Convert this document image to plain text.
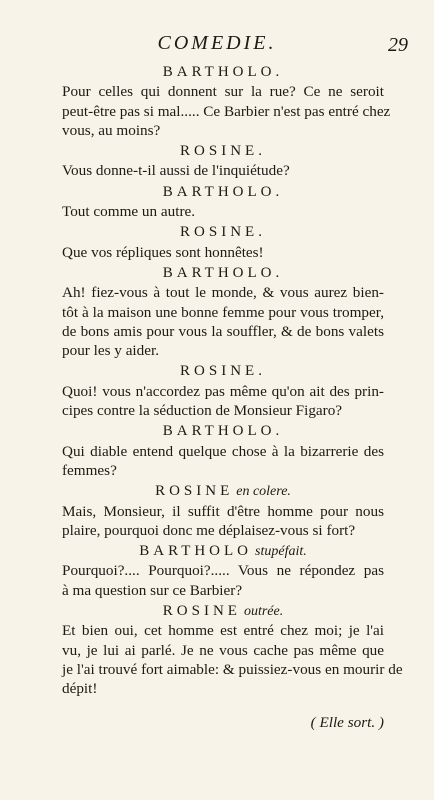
COMEDIE.	29
BARTHOLO.
Pour celles qui donnent sur la rue? Ce ne seroit
peut-être pas si mal..... Ce Barbier n'est pas entré chez
vous, au moins?
ROSINE.
Vous donne-t-il aussi de l'inquiétude?
BARTHOLO.
Tout comme un autre.
ROSINE.
Que vos répliques sont honnêtes!
BARTHOLO.
Ah! fiez-vous à tout le monde, & vous aurez bien-
tôt à la maison une bonne femme pour vous tromper,
de bons amis pour vous la souffler, & de bons valets
pour les y aider.
ROSINE.
Quoi! vous n'accordez pas même qu'on ait des prin-
cipes contre la séduction de Monsieur Figaro?
BARTHOLO.
Qui diable entend quelque chose à la bizarrerie des
femmes?
ROSINE en colere.
Mais, Monsieur, il suffit d'être homme pour nous
plaire, pourquoi donc me déplaisez-vous si fort?
BARTHOLO stupéfait.
Pourquoi?.... Pourquoi?..... Vous ne répondez pas
à ma question sur ce Barbier?
ROSINE outrée.
Et bien oui, cet homme est entré chez moi; je l'ai
vu, je lui ai parlé. Je ne vous cache pas même que
je l'ai trouvé fort aimable: & puissiez-vous en mourir de
dépit!
( Elle sort. )
